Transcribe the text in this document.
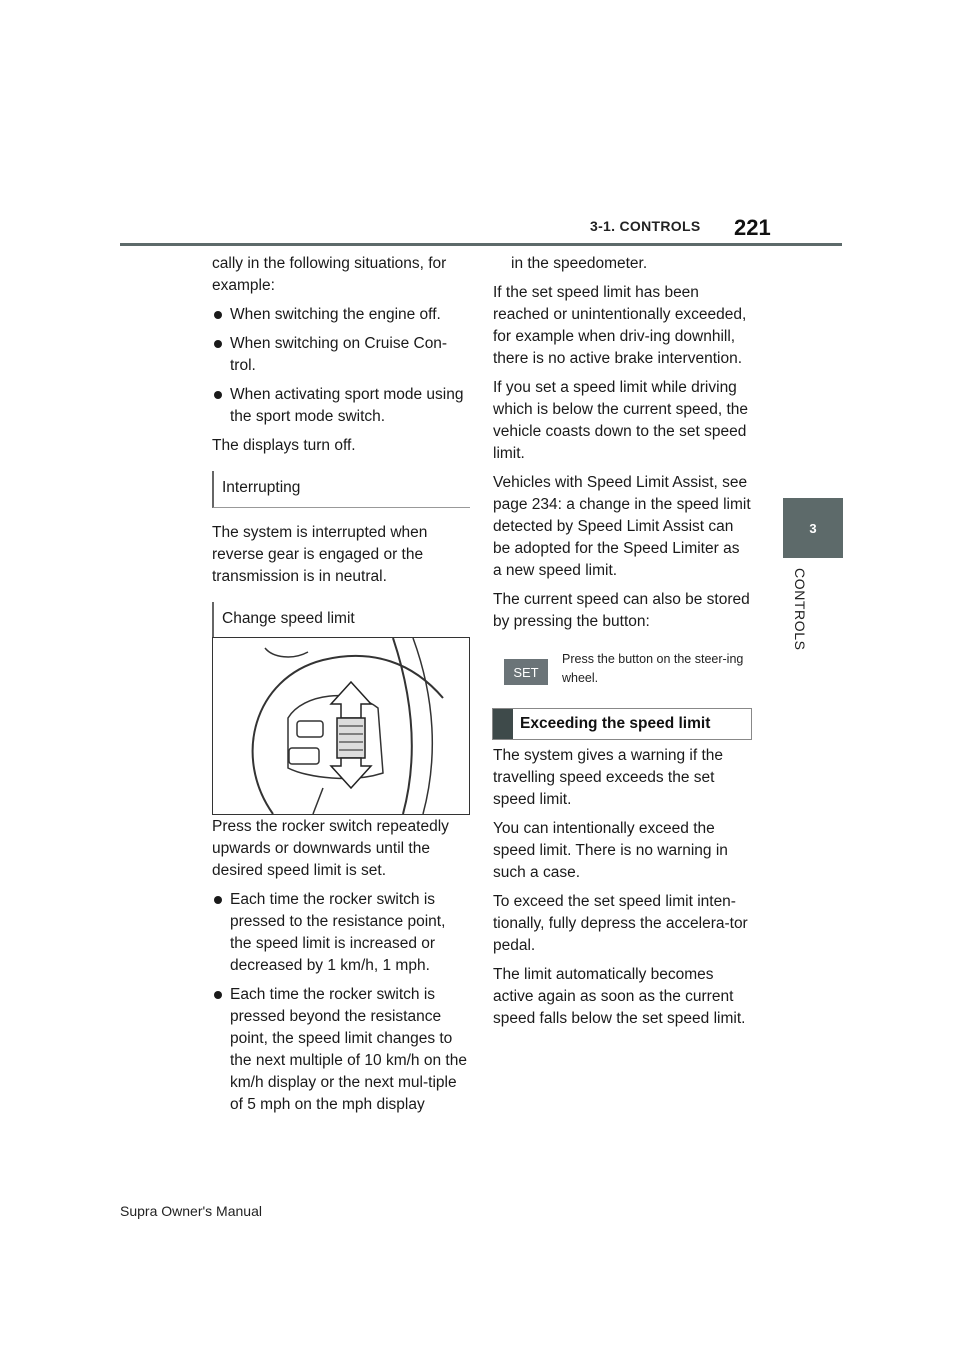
3-1. CONTROLS 221
3
CONTROLS

cally in the following situations, for example:

When switching the engine off.
When switching on Cruise Con-trol.
When activating sport mode using the sport mode switch.

The displays turn off.

Interrupting

The system is interrupted when reverse gear is engaged or the transmission is in neutral.

Change speed limit

Press the rocker switch repeatedly upwards or downwards until the desired speed limit is set.

Each time the rocker switch is pressed to the resistance point, the speed limit is increased or decreased by 1 km/h, 1 mph.
Each time the rocker switch is pressed beyond the resistance point, the speed limit changes to the next multiple of 10 km/h on the km/h display or the next mul-tiple of 5 mph on the mph display

in the speedometer.

If the set speed limit has been reached or unintentionally exceeded, for example when driv-ing downhill, there is no active brake intervention.

If you set a speed limit while driving which is below the current speed, the vehicle coasts down to the set speed limit.

Vehicles with Speed Limit Assist, see page 234: a change in the speed limit detected by Speed Limit Assist can be adopted for the Speed Limiter as a new speed limit.

The current speed can also be stored by pressing the button:

SET
Press the button on the steer-ing wheel.
Exceeding the speed limit

The system gives a warning if the travelling speed exceeds the set speed limit.

You can intentionally exceed the speed limit. There is no warning in such a case.

To exceed the set speed limit inten-tionally, fully depress the accelera-tor pedal.

The limit automatically becomes active again as soon as the current speed falls below the set speed limit.

Supra Owner's Manual
